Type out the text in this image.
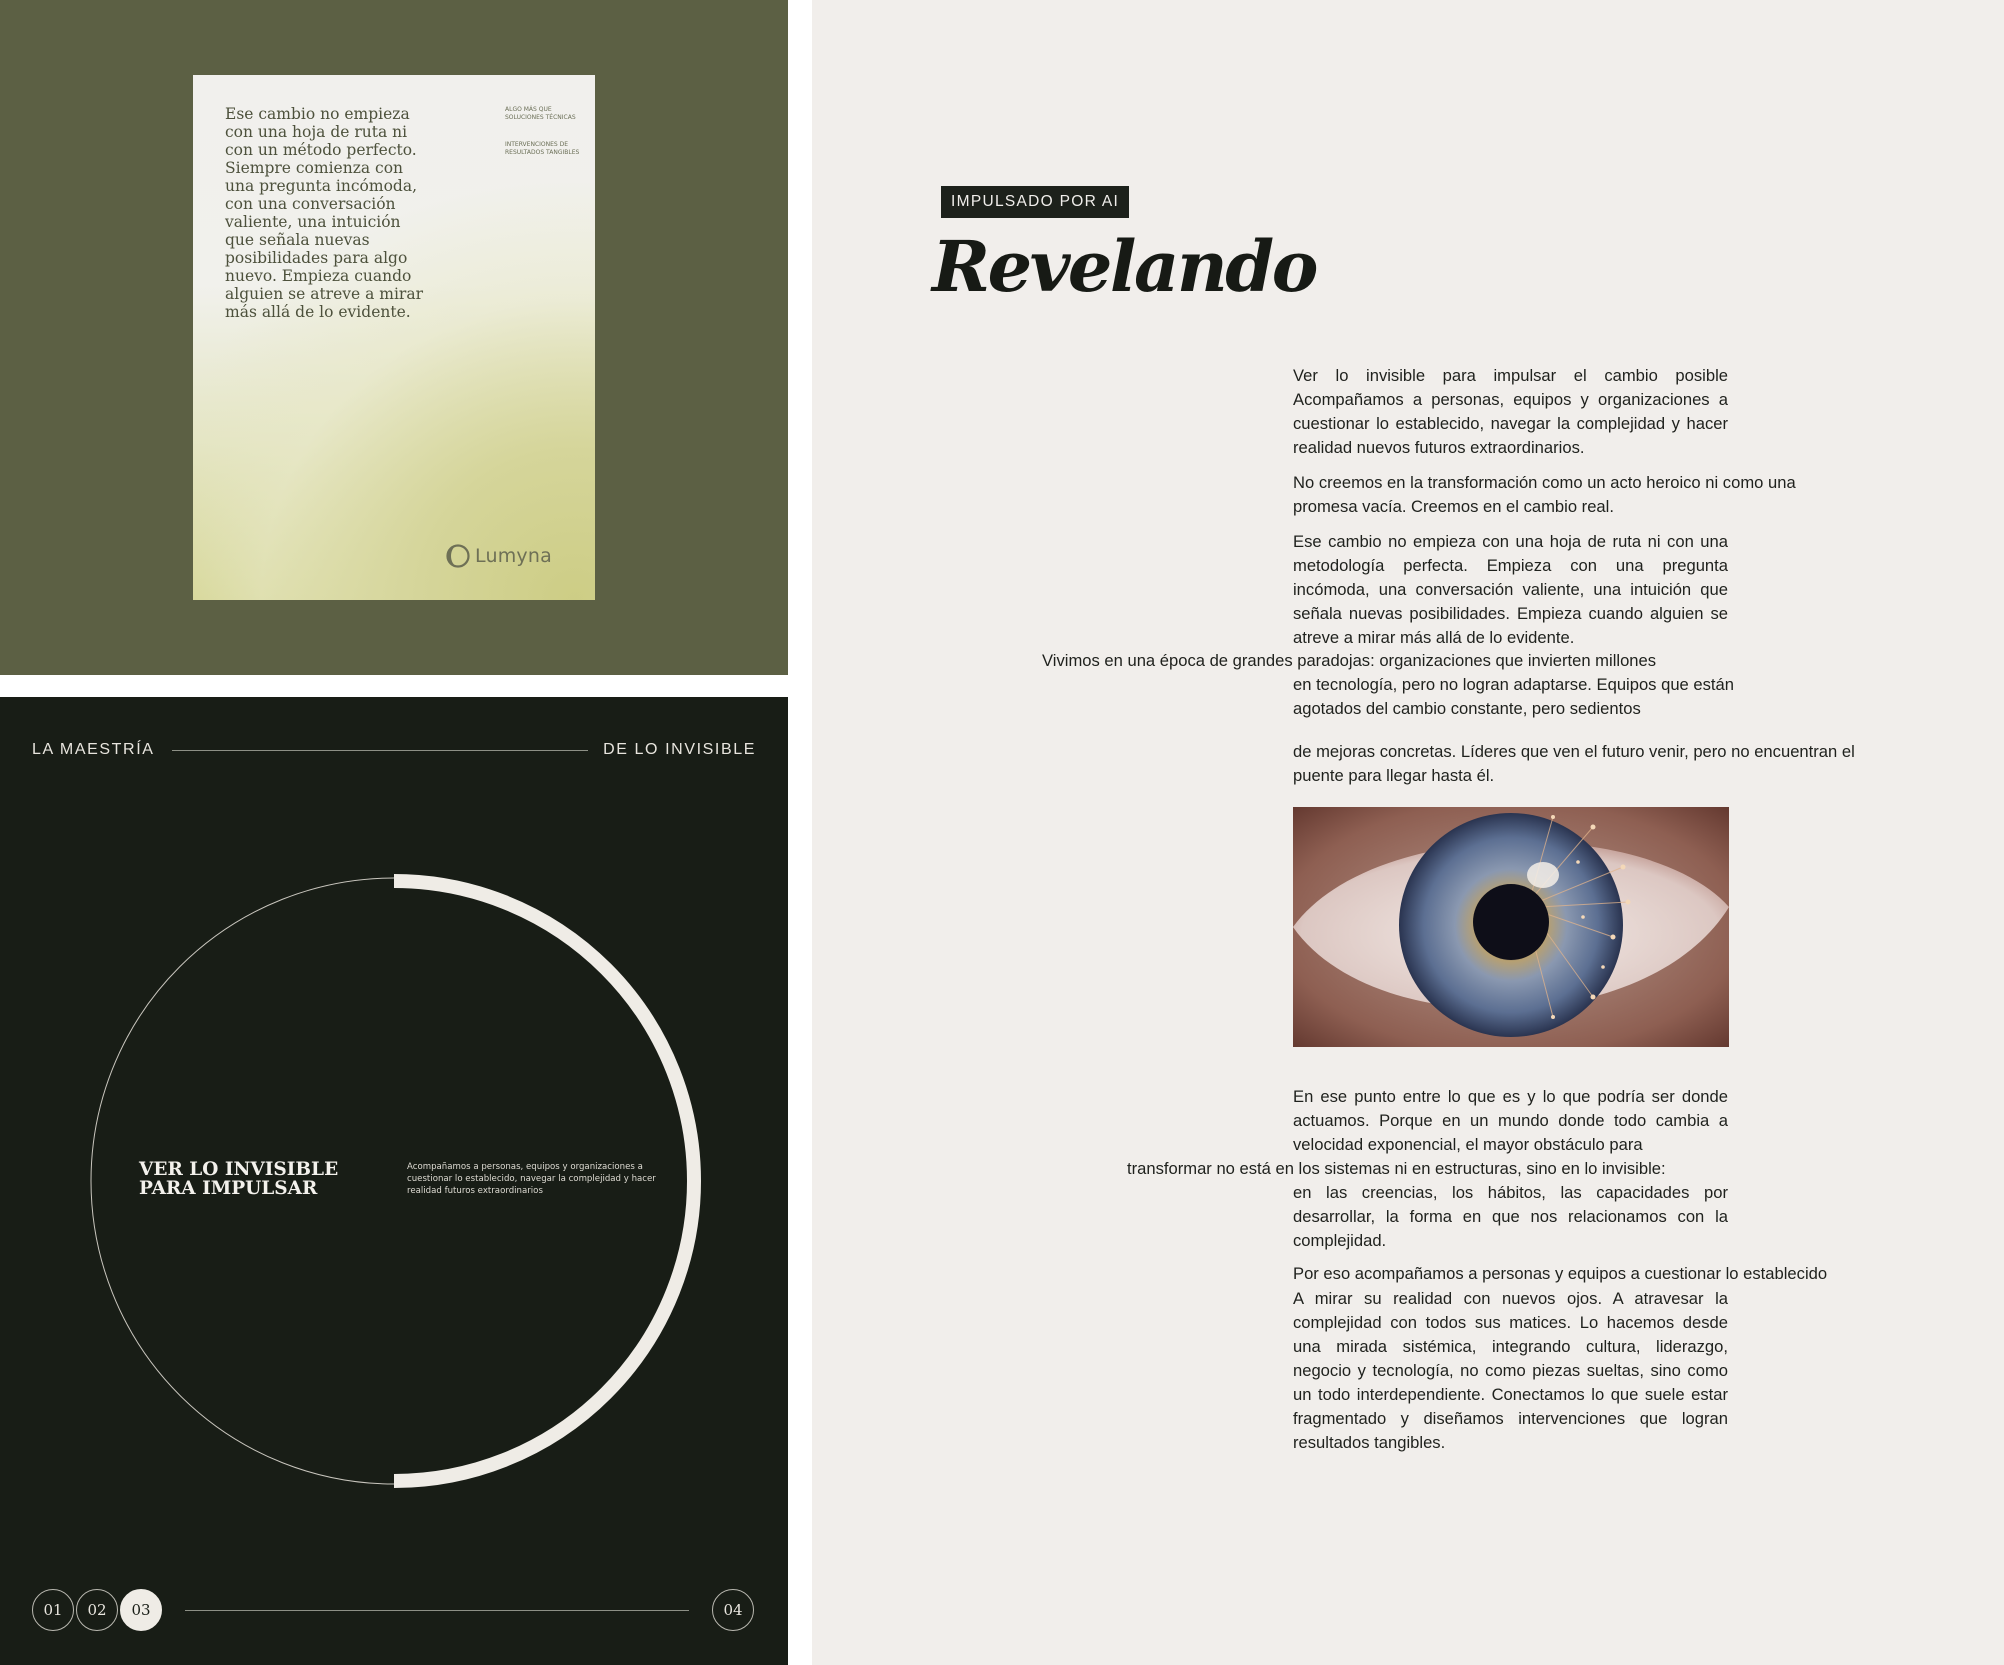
Ese cambio no empieza con una hoja de ruta ni con un método perfecto. Siempre comienza con una pregunta incómoda, con una conversación valiente, una intuición que señala nuevas posibilidades para algo nuevo. Empieza cuando alguien se atreve a mirar más allá de lo evidente.

ALGO MÁS QUE SOLUCIONES TÉCNICAS

INTERVENCIONES DE RESULTADOS TANGIBLES

Lumyna
LA MAESTRÍA	DE LO INVISIBLE

VER LO INVISIBLE PARA IMPULSAR

Acompañamos a personas, equipos y organizaciones a cuestionar lo establecido, navegar la complejidad y hacer realidad futuros extraordinarios

01	02	03	04
IMPULSADO POR AI
Revelando

Ver lo invisible para impulsar el cambio posible Acompañamos a personas, equipos y organizaciones a cuestionar lo establecido, navegar la complejidad y hacer realidad nuevos futuros extraordinarios.

No creemos en la transformación como un acto heroico ni como una promesa vacía. Creemos en el cambio real.

Ese cambio no empieza con una hoja de ruta ni con una metodología perfecta. Empieza con una pregunta incómoda, una conversación valiente, una intuición que señala nuevas posibilidades. Empieza cuando alguien se atreve a mirar más allá de lo evidente.

Vivimos en una época de grandes paradojas: organizaciones que invierten millones

en tecnología, pero no logran adaptarse. Equipos que están agotados del cambio constante, pero sedientos

de mejoras concretas. Líderes que ven el futuro venir, pero no encuentran el puente para llegar hasta él.

En ese punto entre lo que es y lo que podría ser donde actuamos. Porque en un mundo donde todo cambia a velocidad exponencial, el mayor obstáculo para

transformar no está en los sistemas ni en estructuras, sino en lo invisible:

en las creencias, los hábitos, las capacidades por desarrollar, la forma en que nos relacionamos con la complejidad.

Por eso acompañamos a personas y equipos a cuestionar lo establecido

A mirar su realidad con nuevos ojos. A atravesar la complejidad con todos sus matices. Lo hacemos desde una mirada sistémica, integrando cultura, liderazgo, negocio y tecnología, no como piezas sueltas, sino como un todo interdependiente. Conectamos lo que suele estar fragmentado y diseñamos intervenciones que logran resultados tangibles.
